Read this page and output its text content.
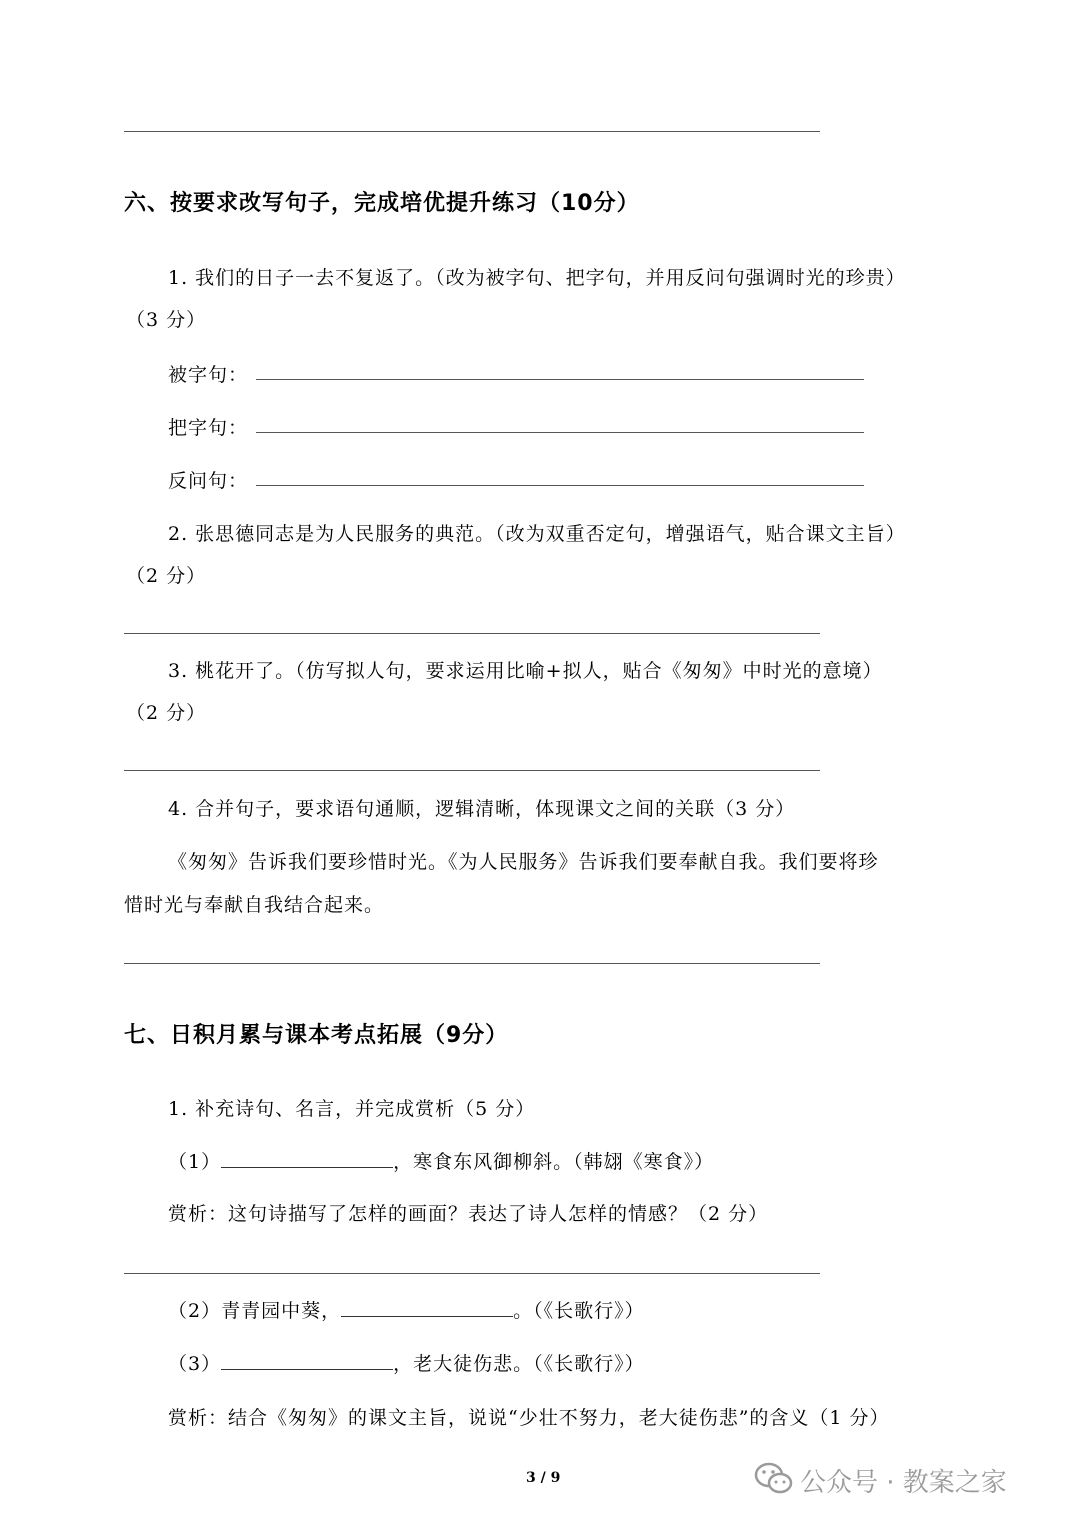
六、按要求改写句子，完成培优提升练习（10分）
1. 我们的日子一去不复返了。（改为被字句、把字句，并用反问句强调时光的珍贵）
（3 分）
被字句：
把字句：
反问句：
2. 张思德同志是为人民服务的典范。（改为双重否定句，增强语气，贴合课文主旨）
（2 分）
3. 桃花开了。（仿写拟人句，要求运用比喻+拟人，贴合《匆匆》中时光的意境）
（2 分）
4. 合并句子，要求语句通顺，逻辑清晰，体现课文之间的关联（3 分）
《匆匆》告诉我们要珍惜时光。《为人民服务》告诉我们要奉献自我。我们要将珍
惜时光与奉献自我结合起来。
七、日积月累与课本考点拓展（9分）
1. 补充诗句、名言，并完成赏析（5 分）
（1）	，寒食东风御柳斜。（韩翃《寒食》）
赏析：这句诗描写了怎样的画面？表达了诗人怎样的情感？（2 分）
（2）青青园中葵，	。（《长歌行》）
（3）	，老大徒伤悲。（《长歌行》）
赏析：结合《匆匆》的课文主旨，说说“少壮不努力，老大徒伤悲”的含义（1 分）
3 / 9	公众号 · 教案之家
